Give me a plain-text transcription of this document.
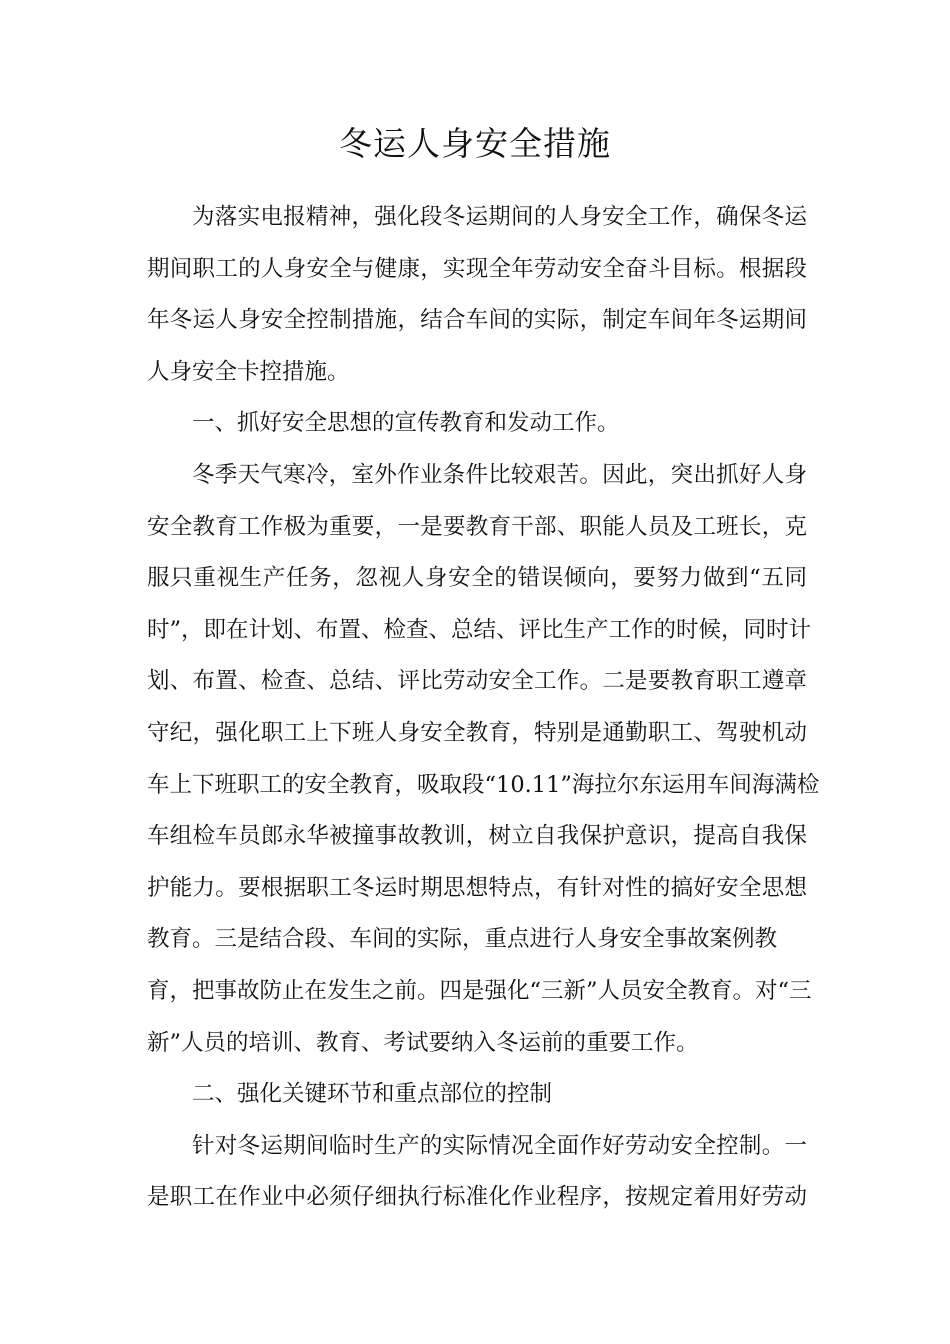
冬运人身安全措施
为落实电报精神，强化段冬运期间的人身安全工作，确保冬运
期间职工的人身安全与健康，实现全年劳动安全奋斗目标。根据段
年冬运人身安全控制措施，结合车间的实际，制定车间年冬运期间
人身安全卡控措施。
一、抓好安全思想的宣传教育和发动工作。
冬季天气寒冷，室外作业条件比较艰苦。因此，突出抓好人身
安全教育工作极为重要，一是要教育干部、职能人员及工班长，克
服只重视生产任务，忽视人身安全的错误倾向，要努力做到“五同
时”，即在计划、布置、检查、总结、评比生产工作的时候，同时计
划、布置、检查、总结、评比劳动安全工作。二是要教育职工遵章
守纪，强化职工上下班人身安全教育，特别是通勤职工、驾驶机动
车上下班职工的安全教育，吸取段“10.11”海拉尔东运用车间海满检
车组检车员郎永华被撞事故教训，树立自我保护意识，提高自我保
护能力。要根据职工冬运时期思想特点，有针对性的搞好安全思想
教育。三是结合段、车间的实际，重点进行人身安全事故案例教
育，把事故防止在发生之前。四是强化“三新”人员安全教育。对“三
新”人员的培训、教育、考试要纳入冬运前的重要工作。
二、强化关键环节和重点部位的控制
针对冬运期间临时生产的实际情况全面作好劳动安全控制。一
是职工在作业中必须仔细执行标准化作业程序，按规定着用好劳动
